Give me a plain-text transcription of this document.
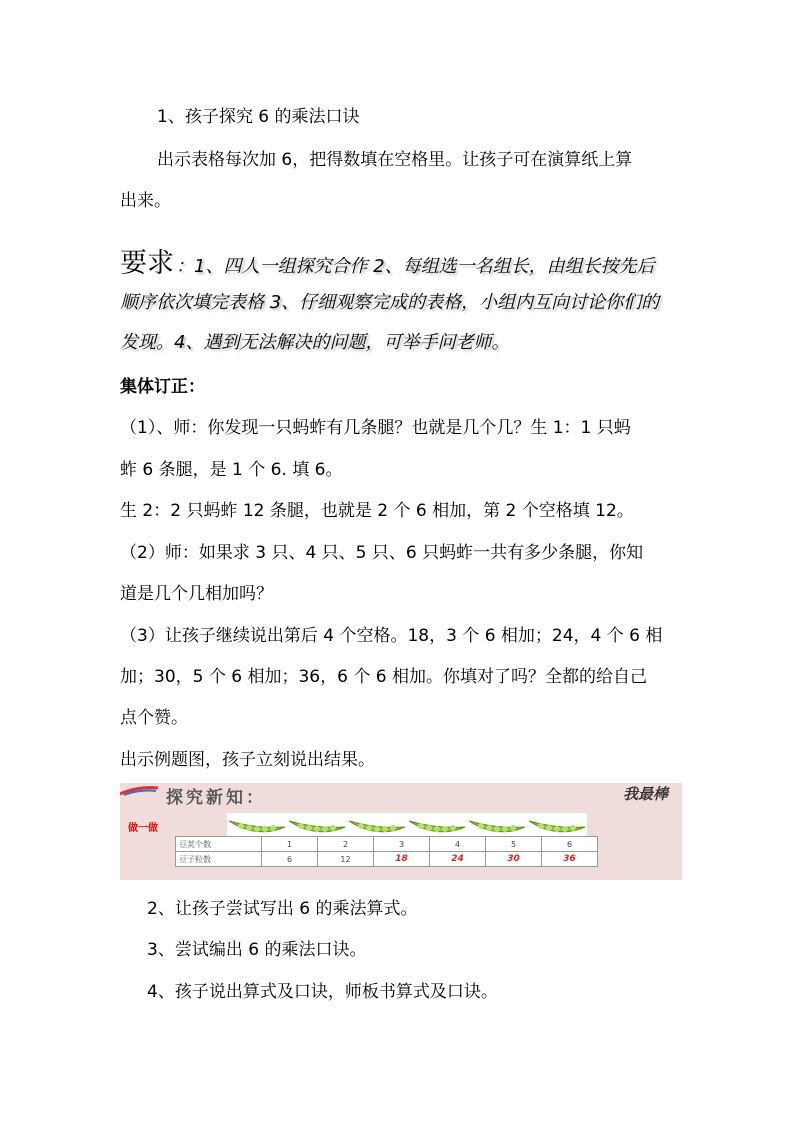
1、孩子探究 6 的乘法口诀
出示表格每次加 6，把得数填在空格里。让孩子可在演算纸上算
出来。
要求 ：1、四人一组探究合作 2、每组选一名组长，由组长按先后
顺序依次填完表格 3、仔细观察完成的表格，小组内互向讨论你们的
发现。4、遇到无法解决的问题，可举手问老师。
集体订正：
（1）、师：你发现一只蚂蚱有几条腿？也就是几个几？生 1：1 只蚂
蚱 6 条腿，是 1 个 6. 填 6。
生 2：2 只蚂蚱 12 条腿，也就是 2 个 6 相加，第 2 个空格填 12。
（2）师：如果求 3 只、4 只、5 只、6 只蚂蚱一共有多少条腿，你知
道是几个几相加吗？
（3）让孩子继续说出第后 4 个空格。18，3 个 6 相加；24，4 个 6 相
加；30，5 个 6 相加；36，6 个 6 相加。你填对了吗？全都的给自己
点个赞。
出示例题图，孩子立刻说出结果。
探究新知：	我最棒
做一做
豆荚个数	1	2	3	4	5	6
豆子粒数	6	12	18	24	30	36
2、让孩子尝试写出 6 的乘法算式。
3、尝试编出 6 的乘法口诀。
4、孩子说出算式及口诀，师板书算式及口诀。
